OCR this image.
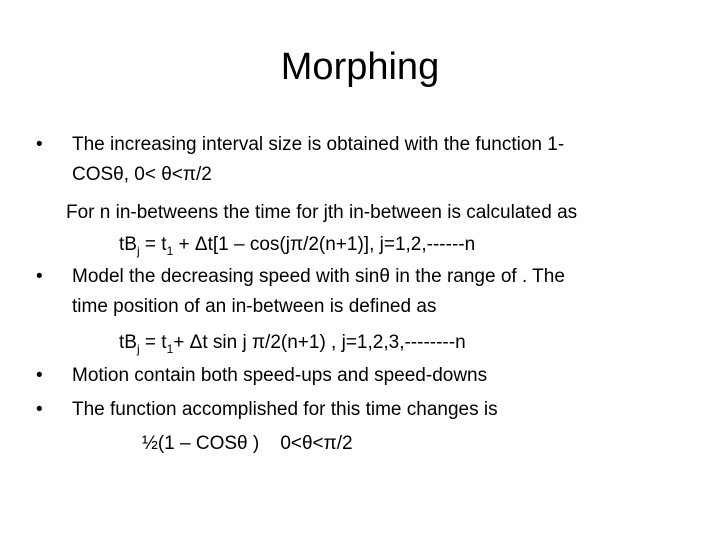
Morphing
• The increasing interval size is obtained with the function 1-
COSθ, 0< θ<π/2
For n in-betweens the time for jth in-between is calculated as
$tB_j = t_1 + \Delta t[1 - \cos(j\pi/2(n+1)]$, j=1,2,------n
• Model the decreasing speed with sinθ in the range of . The
time position of an in-between is defined as
$tB_j = t_1+ \Delta t$ sin j π/2(n+1) , j=1,2,3,--------n
• Motion contain both speed-ups and speed-downs
• The function accomplished for this time changes is
½(1 – COSθ )    0<θ<π/2
